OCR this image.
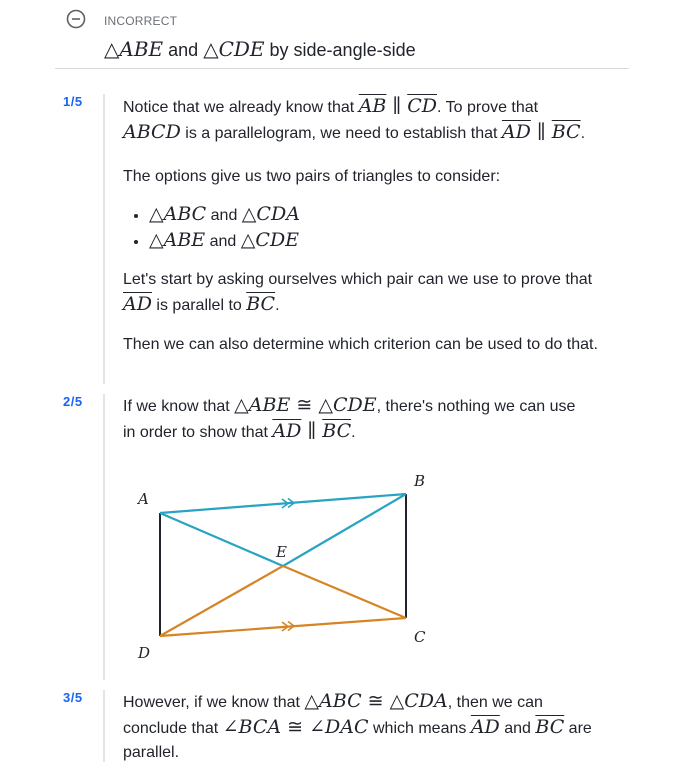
INCORRECT
△ABE and △CDE by side-angle-side
1/5	Notice that we already know that $\overline{AB}$ ∥ $\overline{CD}$. To prove that
ABCD is a parallelogram, we need to establish that $\overline{AD}$ ∥ $\overline{BC}$.
The options give us two pairs of triangles to consider:
• △ABC and △CDA
• △ABE and △CDE
Let's start by asking ourselves which pair can we use to prove that
$\overline{AD}$ is parallel to $\overline{BC}$.
Then we can also determine which criterion can be used to do that.
2/5	If we know that △ABE ≅ △CDE, there's nothing we can use
in order to show that $\overline{AD}$ ∥ $\overline{BC}$.
A
B
E
C
D
3/5	However, if we know that △ABC ≅ △CDA, then we can
conclude that ∠BCA ≅ ∠DAC which means $\overline{AD}$ and $\overline{BC}$ are
parallel.
